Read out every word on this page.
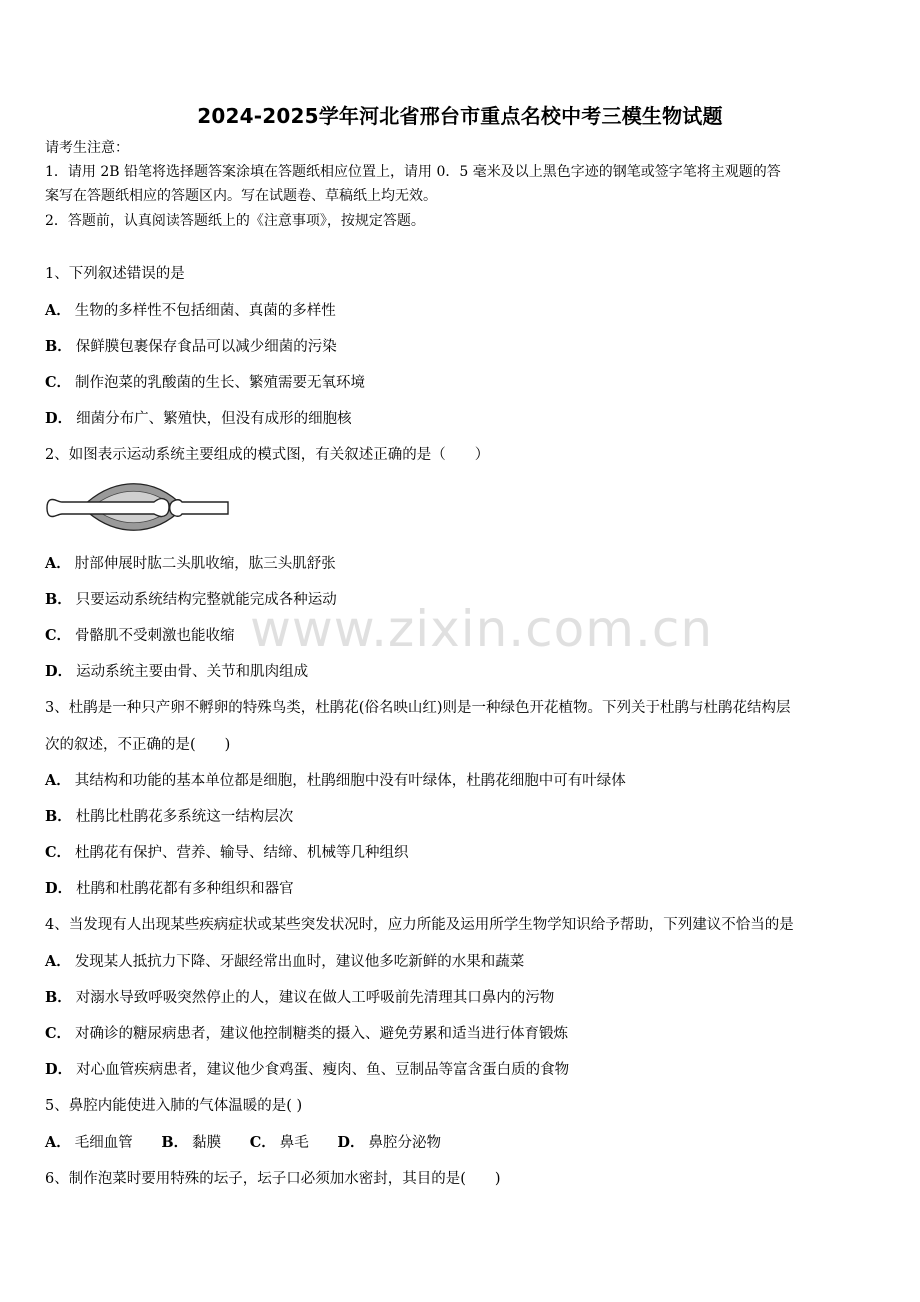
2024-2025学年河北省邢台市重点名校中考三模生物试题
请考生注意：
1．请用 2B 铅笔将选择题答案涂填在答题纸相应位置上，请用 0．5 毫米及以上黑色字迹的钢笔或签字笔将主观题的答
案写在答题纸相应的答题区内。写在试题卷、草稿纸上均无效。
2．答题前，认真阅读答题纸上的《注意事项》，按规定答题。
1、下列叙述错误的是
A． 生物的多样性不包括细菌、真菌的多样性
B． 保鲜膜包裹保存食品可以减少细菌的污染
C． 制作泡菜的乳酸菌的生长、繁殖需要无氧环境
D． 细菌分布广、繁殖快，但没有成形的细胞核
2、如图表示运动系统主要组成的模式图，有关叙述正确的是（　　）
A． 肘部伸展时肱二头肌收缩，肱三头肌舒张
B． 只要运动系统结构完整就能完成各种运动
C． 骨骼肌不受刺激也能收缩
D． 运动系统主要由骨、关节和肌肉组成
3、杜鹃是一种只产卵不孵卵的特殊鸟类，杜鹃花(俗名映山红)则是一种绿色开花植物。下列关于杜鹃与杜鹃花结构层
次的叙述，不正确的是(　　)
A． 其结构和功能的基本单位都是细胞，杜鹃细胞中没有叶绿体，杜鹃花细胞中可有叶绿体
B． 杜鹃比杜鹃花多系统这一结构层次
C． 杜鹃花有保护、营养、输导、结缔、机械等几种组织
D． 杜鹃和杜鹃花都有多种组织和器官
4、当发现有人出现某些疾病症状或某些突发状况时，应力所能及运用所学生物学知识给予帮助，下列建议不恰当的是
A． 发现某人抵抗力下降、牙龈经常出血时，建议他多吃新鲜的水果和蔬菜
B． 对溺水导致呼吸突然停止的人，建议在做人工呼吸前先清理其口鼻内的污物
C． 对确诊的糖尿病患者，建议他控制糖类的摄入、避免劳累和适当进行体育锻炼
D． 对心血管疾病患者，建议他少食鸡蛋、瘦肉、鱼、豆制品等富含蛋白质的食物
5、鼻腔内能使进入肺的气体温暖的是( )
A． 毛细血管 B． 黏膜 C． 鼻毛 D． 鼻腔分泌物
6、制作泡菜时要用特殊的坛子，坛子口必须加水密封，其目的是(　　)
www.zixin.com.cn
